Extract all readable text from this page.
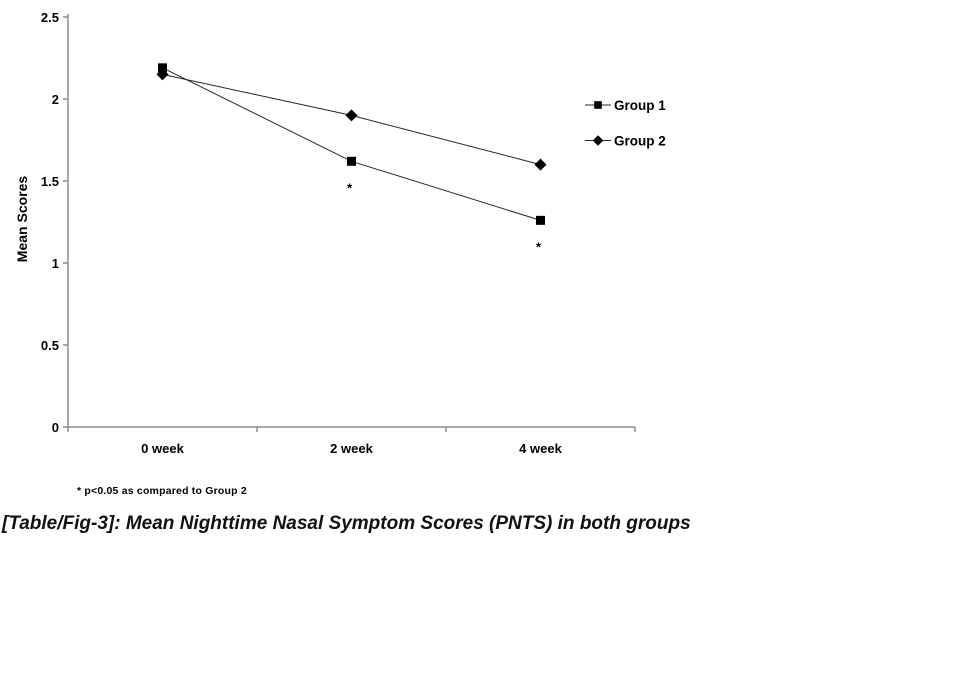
0
0.5
1
1.5
2
2.5
0 week	2 week	4 week
Mean Scores	*
*
Group 1
Group 2
* p<0.05 as compared to Group 2
[Table/Fig-3]: Mean Nighttime Nasal Symptom Scores (PNTS) in both groups
